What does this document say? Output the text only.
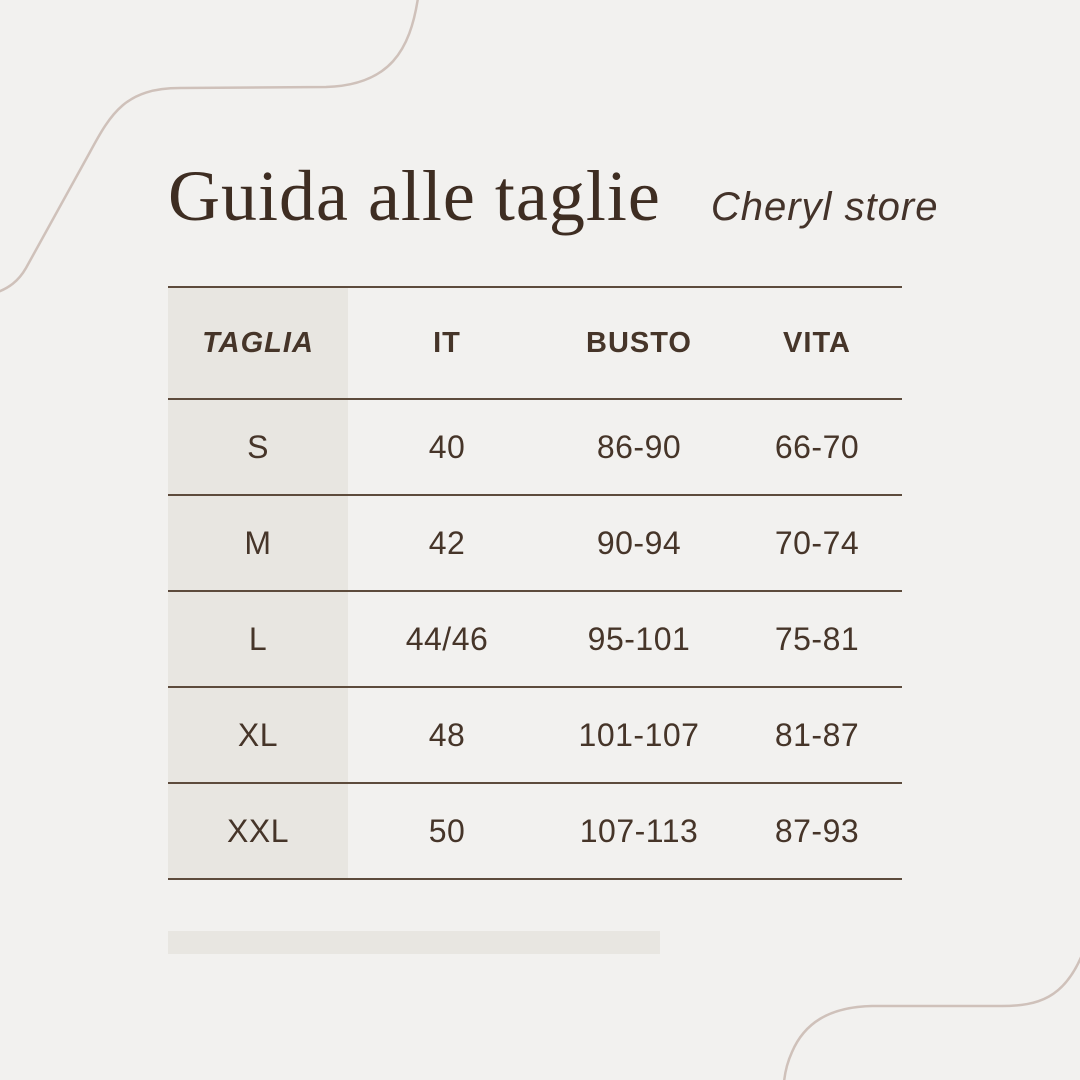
Guida alle taglie Cheryl store
TAGLIA	IT	BUSTO	VITA
S	40	86-90	66-70
M	42	90-94	70-74
L	44/46	95-101	75-81
XL	48	101-107	81-87
XXL	50	107-113	87-93
